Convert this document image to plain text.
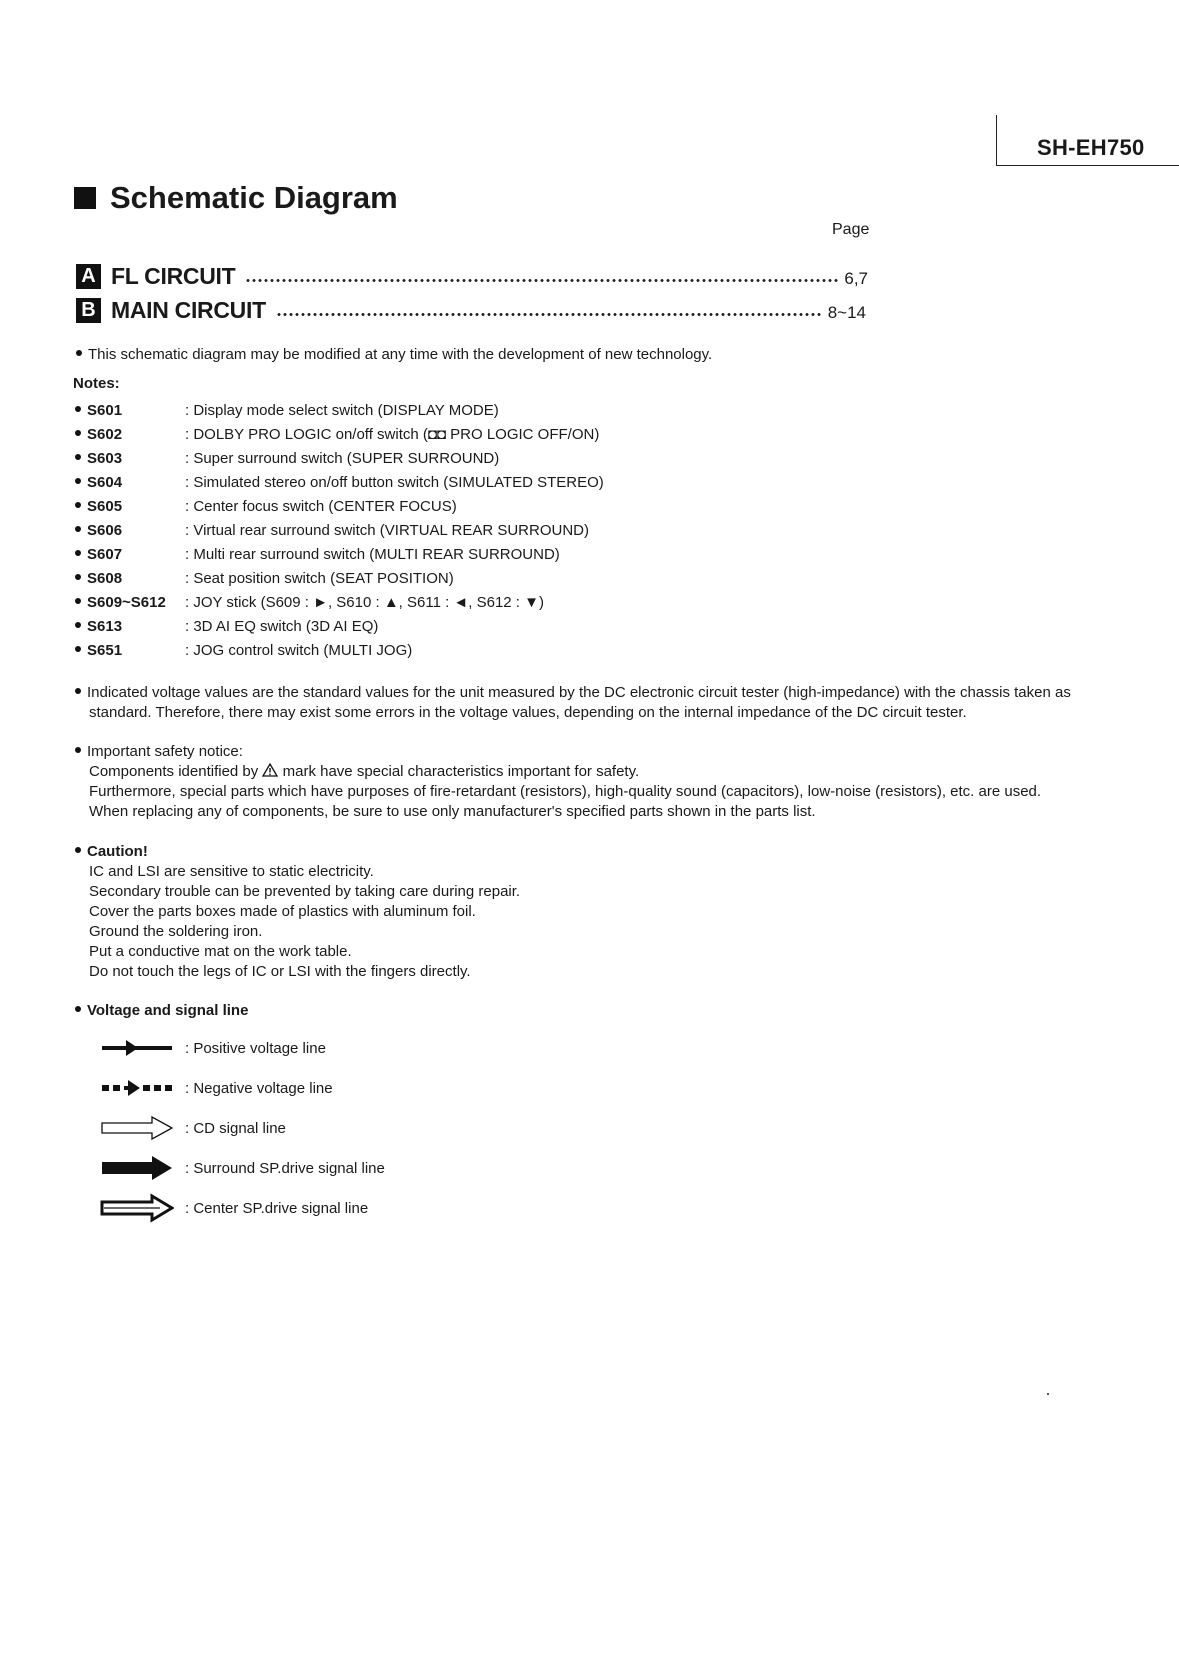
SH-EH750
Schematic Diagram
Page
A FL CIRCUIT	6,7
B MAIN CIRCUIT	8~14
This schematic diagram may be modified at any time with the development of new technology.
Notes:
S601	: Display mode select switch (DISPLAY MODE)
S602	: DOLBY PRO LOGIC on/off switch (◘◘ PRO LOGIC OFF/ON)
S603	: Super surround switch (SUPER SURROUND)
S604	: Simulated stereo on/off button switch (SIMULATED STEREO)
S605	: Center focus switch (CENTER FOCUS)
S606	: Virtual rear surround switch (VIRTUAL REAR SURROUND)
S607	: Multi rear surround switch (MULTI REAR SURROUND)
S608	: Seat position switch (SEAT POSITION)
S609~S612	: JOY stick (S609 : ►, S610 : ▲, S611 : ◄, S612 : ▼)
S613	: 3D AI EQ switch (3D AI EQ)
S651	: JOG control switch (MULTI JOG)
Indicated voltage values are the standard values for the unit measured by the DC electronic circuit tester (high-impedance) with the chassis taken as
standard. Therefore, there may exist some errors in the voltage values, depending on the internal impedance of the DC circuit tester.
Important safety notice:
Components identified by mark have special characteristics important for safety.
Furthermore, special parts which have purposes of fire-retardant (resistors), high-quality sound (capacitors), low-noise (resistors), etc. are used.
When replacing any of components, be sure to use only manufacturer's specified parts shown in the parts list.
Caution!
IC and LSI are sensitive to static electricity.
Secondary trouble can be prevented by taking care during repair.
Cover the parts boxes made of plastics with aluminum foil.
Ground the soldering iron.
Put a conductive mat on the work table.
Do not touch the legs of IC or LSI with the fingers directly.
Voltage and signal line
: Positive voltage line
: Negative voltage line
: CD signal line
: Surround SP.drive signal line
: Center SP.drive signal line
